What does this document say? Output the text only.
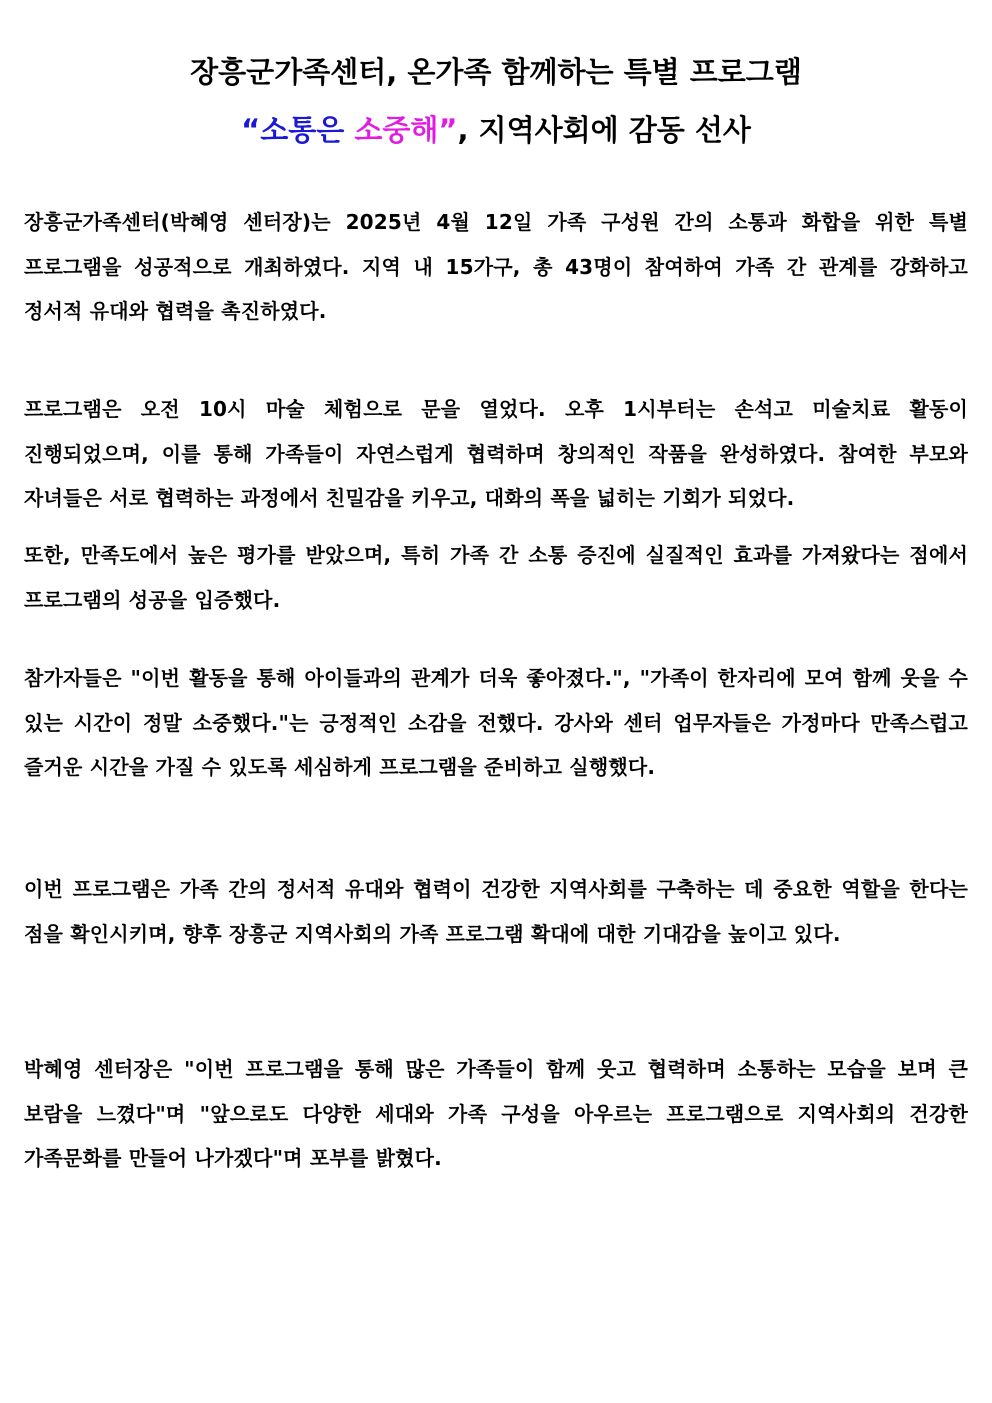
장흥군가족센터, 온가족 함께하는 특별 프로그램
“소통은 소중해”, 지역사회에 감동 선사

장흥군가족센터(박혜영 센터장)는 2025년 4월 12일 가족 구성원 간의 소통과 화합을 위한 특별 프로그램을 성공적으로 개최하였다. 지역 내 15가구, 총 43명이 참여하여 가족 간 관계를 강화하고 정서적 유대와 협력을 촉진하였다.

프로그램은 오전 10시 마술 체험으로 문을 열었다. 오후 1시부터는 손석고 미술치료 활동이 진행되었으며, 이를 통해 가족들이 자연스럽게 협력하며 창의적인 작품을 완성하였다. 참여한 부모와 자녀들은 서로 협력하는 과정에서 친밀감을 키우고, 대화의 폭을 넓히는 기회가 되었다.

또한, 만족도에서 높은 평가를 받았으며, 특히 가족 간 소통 증진에 실질적인 효과를 가져왔다는 점에서 프로그램의 성공을 입증했다.

참가자들은 "이번 활동을 통해 아이들과의 관계가 더욱 좋아졌다.", "가족이 한자리에 모여 함께 웃을 수 있는 시간이 정말 소중했다."는 긍정적인 소감을 전했다. 강사와 센터 업무자들은 가정마다 만족스럽고 즐거운 시간을 가질 수 있도록 세심하게 프로그램을 준비하고 실행했다.

이번 프로그램은 가족 간의 정서적 유대와 협력이 건강한 지역사회를 구축하는 데 중요한 역할을 한다는 점을 확인시키며, 향후 장흥군 지역사회의 가족 프로그램 확대에 대한 기대감을 높이고 있다.

박혜영 센터장은 "이번 프로그램을 통해 많은 가족들이 함께 웃고 협력하며 소통하는 모습을 보며 큰 보람을 느꼈다"며 "앞으로도 다양한 세대와 가족 구성을 아우르는 프로그램으로 지역사회의 건강한 가족문화를 만들어 나가겠다"며 포부를 밝혔다.
